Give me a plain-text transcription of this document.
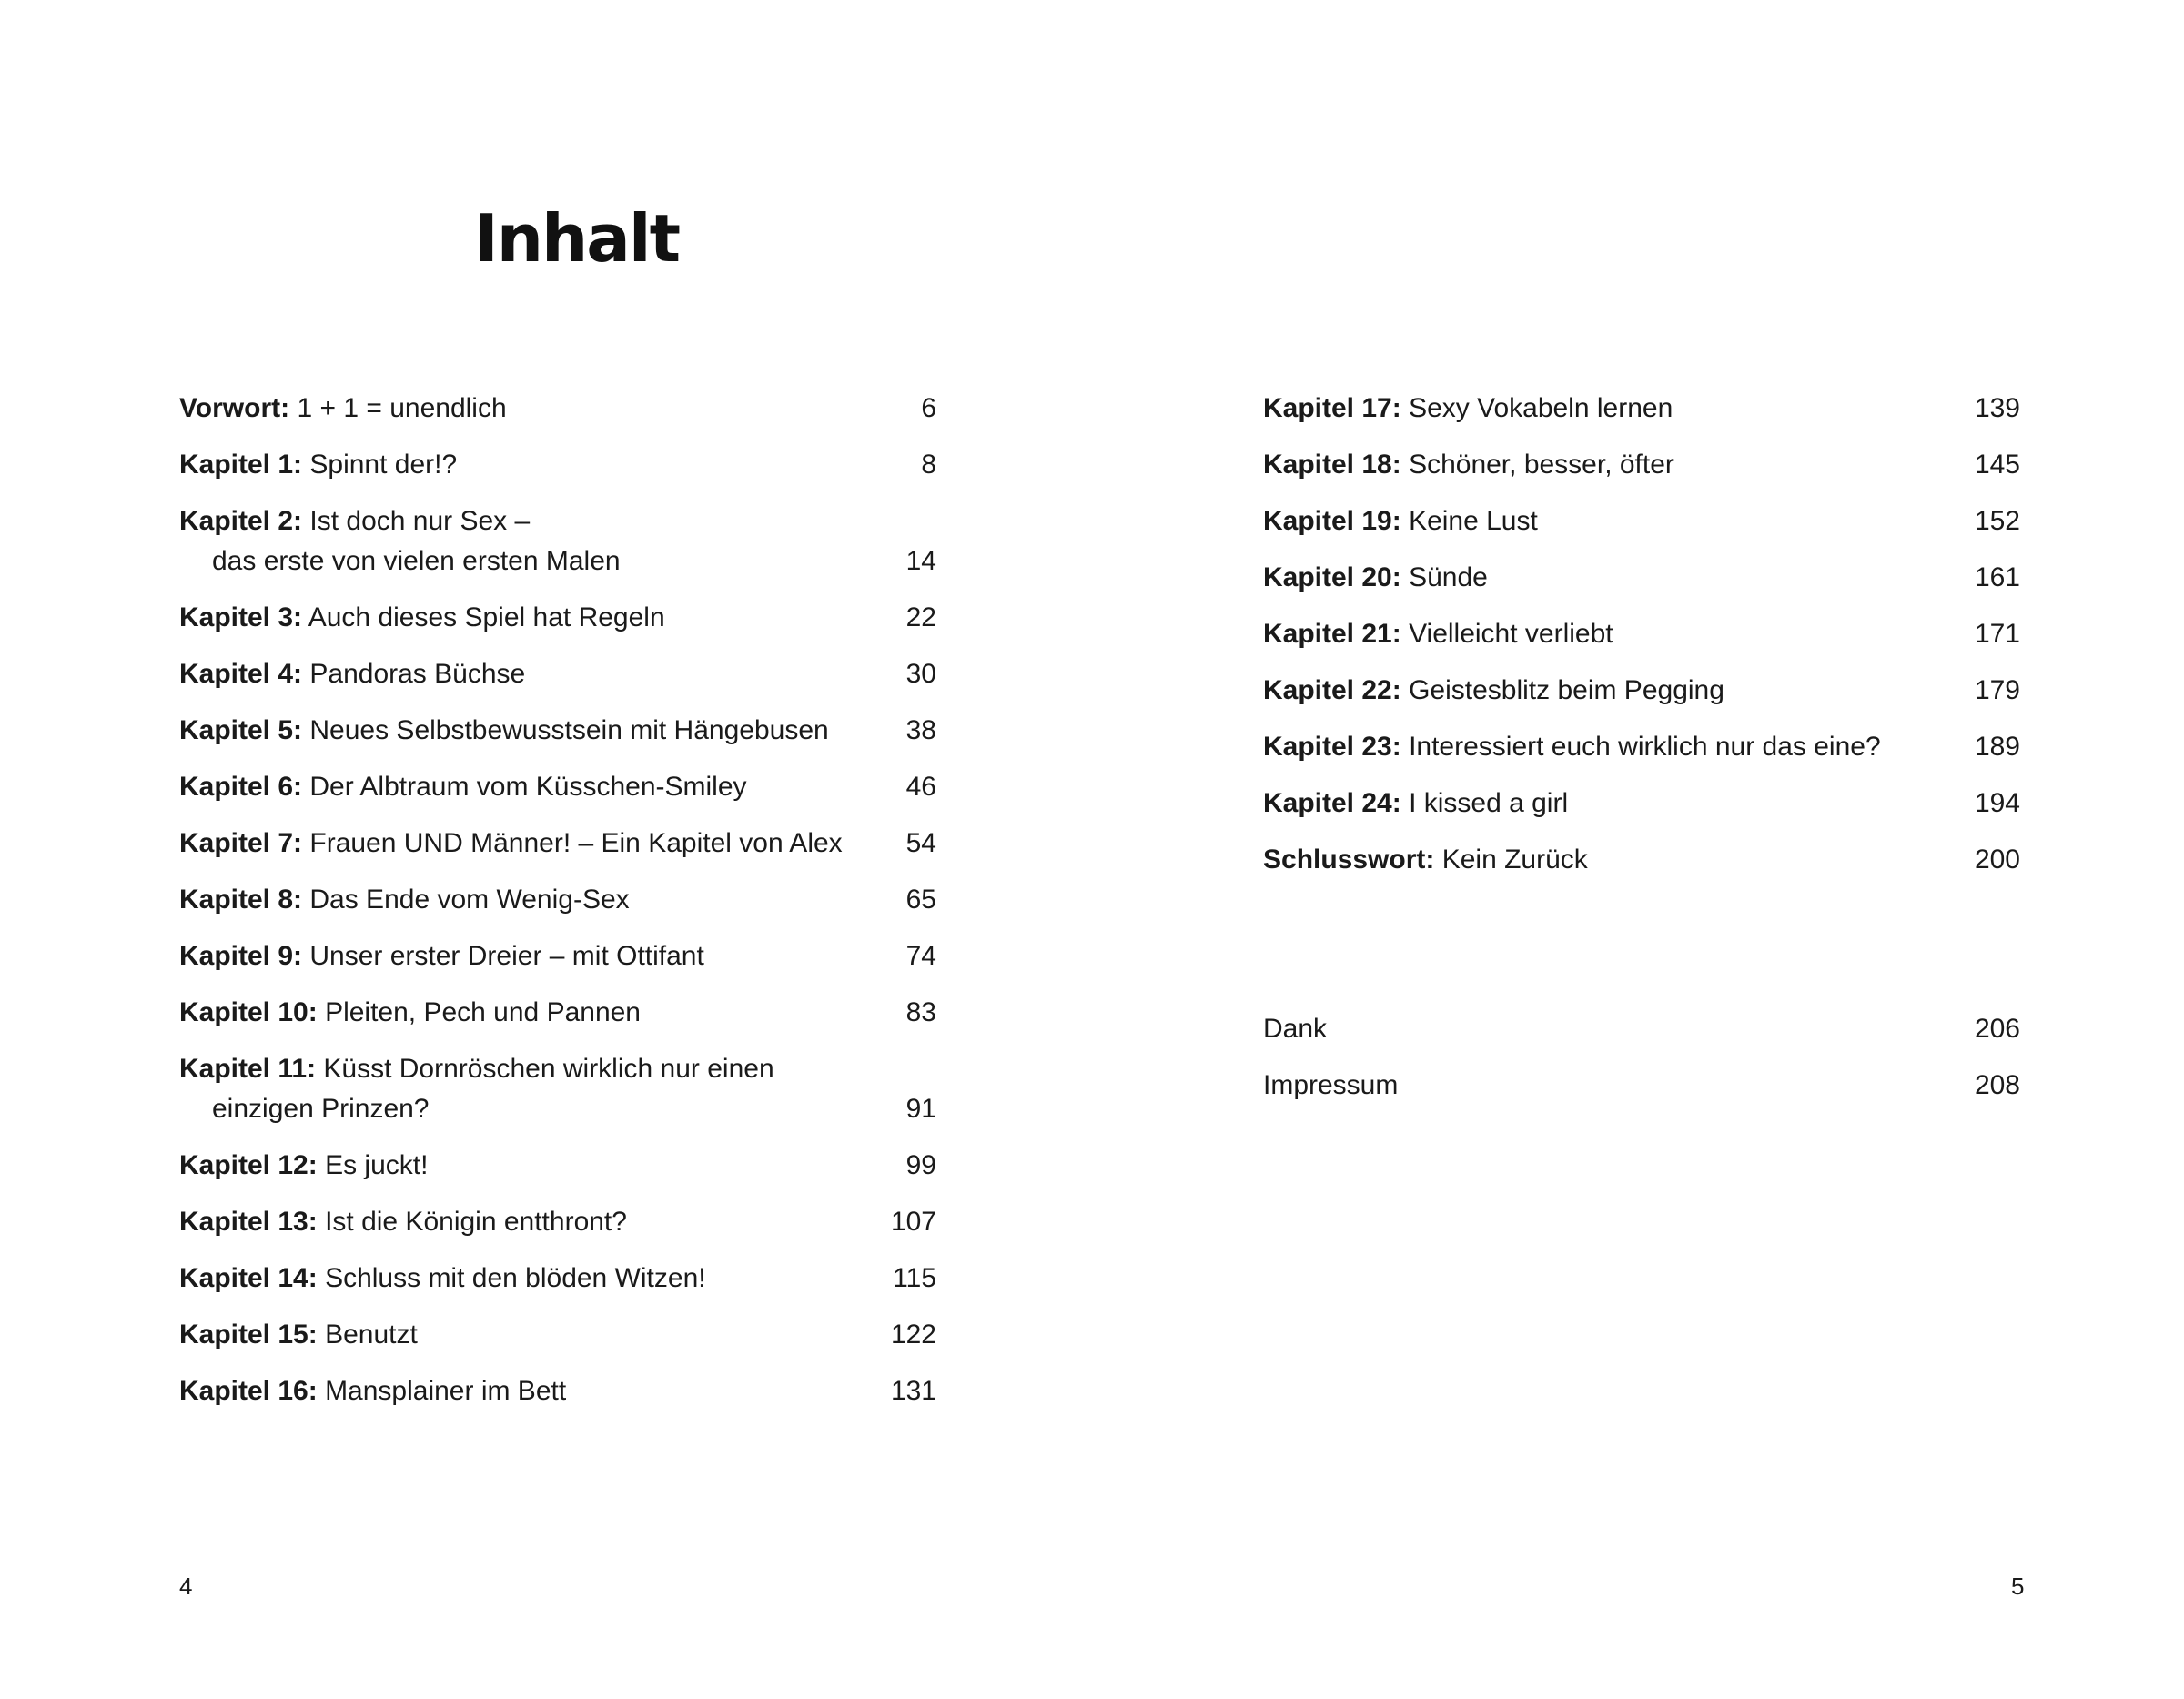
Inhalt
Vorwort: 1 + 1 = unendlich	6
Kapitel 1: Spinnt der!?	8
Kapitel 2: Ist doch nur Sex –
das erste von vielen ersten Malen	14
Kapitel 3: Auch dieses Spiel hat Regeln	22
Kapitel 4: Pandoras Büchse	30
Kapitel 5: Neues Selbstbewusstsein mit Hängebusen	38
Kapitel 6: Der Albtraum vom Küsschen-Smiley	46
Kapitel 7: Frauen UND Männer! – Ein Kapitel von Alex 54
Kapitel 8: Das Ende vom Wenig-Sex	65
Kapitel 9: Unser erster Dreier – mit Ottifant	74
Kapitel 10: Pleiten, Pech und Pannen	83
Kapitel 11: Küsst Dornröschen wirklich nur einen
einzigen Prinzen?	91
Kapitel 12: Es juckt!	99
Kapitel 13: Ist die Königin entthront?	107
Kapitel 14: Schluss mit den blöden Witzen!	115
Kapitel 15: Benutzt	122
Kapitel 16: Mansplainer im Bett	131
4
Kapitel 17: Sexy Vokabeln lernen	139
Kapitel 18: Schöner, besser, öfter	145
Kapitel 19: Keine Lust	152
Kapitel 20: Sünde	161
Kapitel 21: Vielleicht verliebt	171
Kapitel 22: Geistesblitz beim Pegging	179
Kapitel 23: Interessiert euch wirklich nur das eine?	189
Kapitel 24: I kissed a girl	194
Schlusswort: Kein Zurück	200
Dank	206
Impressum	208
5
